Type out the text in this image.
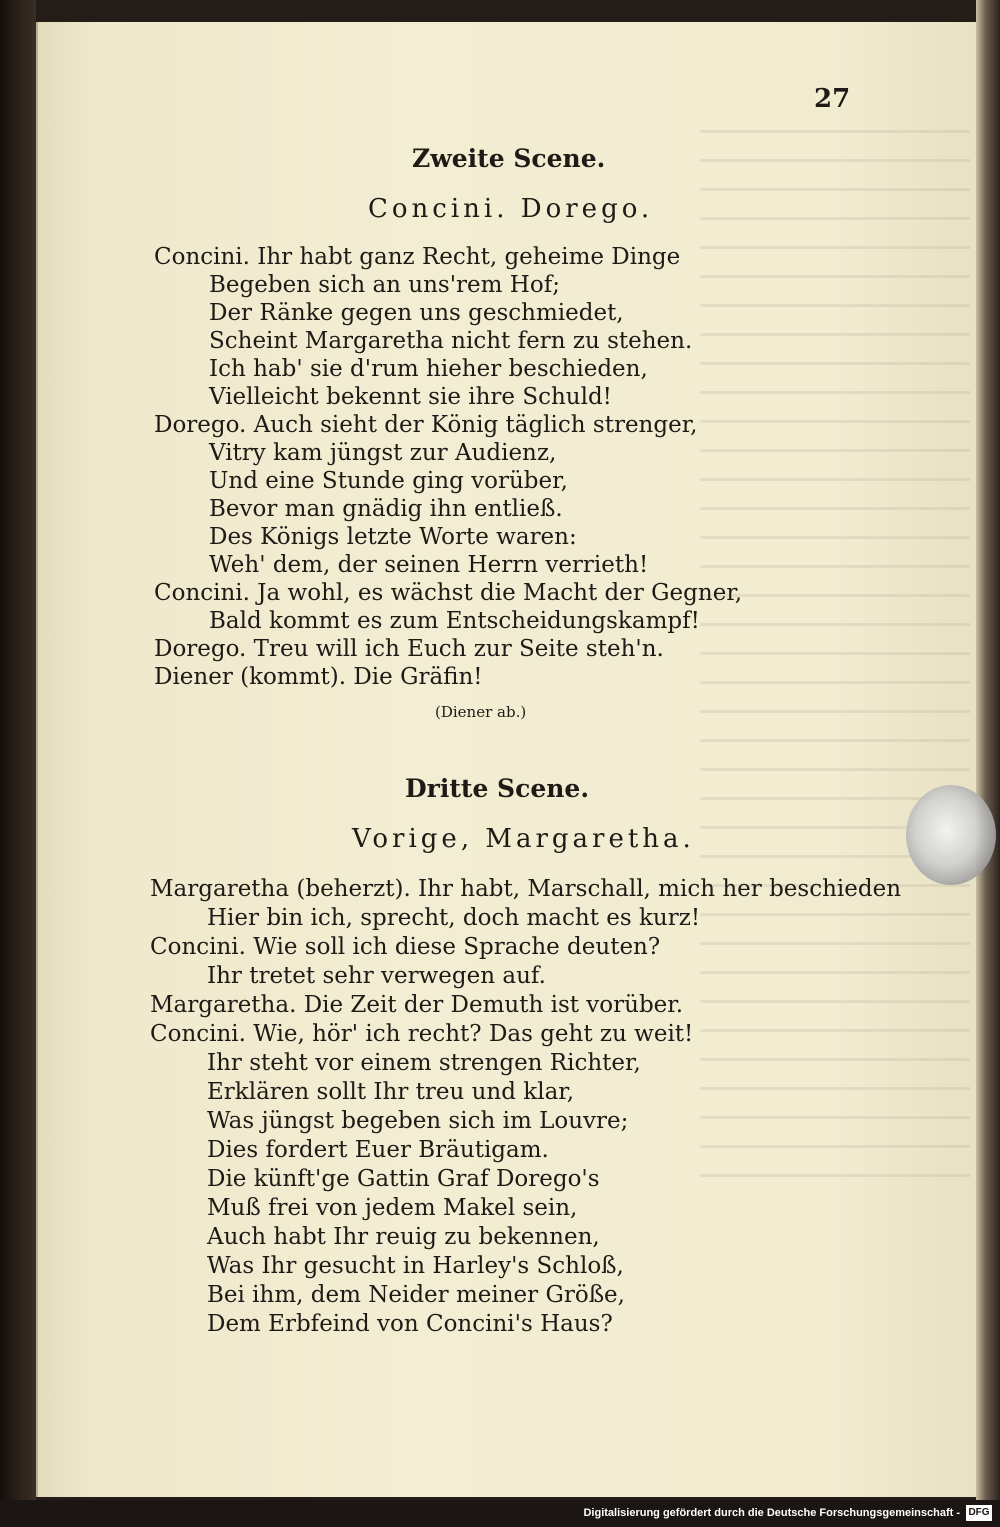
27
Zweite Scene.
Concini. Dorego.
Concini. Ihr habt ganz Recht, geheime Dinge
Begeben sich an uns'rem Hof;
Der Ränke gegen uns geschmiedet,
Scheint Margaretha nicht fern zu stehen.
Ich hab' sie d'rum hieher beschieden,
Vielleicht bekennt sie ihre Schuld!
Dorego. Auch sieht der König täglich strenger,
Vitry kam jüngst zur Audienz,
Und eine Stunde ging vorüber,
Bevor man gnädig ihn entließ.
Des Königs letzte Worte waren:
Weh' dem, der seinen Herrn verrieth!
Concini. Ja wohl, es wächst die Macht der Gegner,
Bald kommt es zum Entscheidungskampf!
Dorego. Treu will ich Euch zur Seite steh'n.
Diener (kommt). Die Gräfin!
(Diener ab.)
Dritte Scene.
Vorige, Margaretha.
Margaretha (beherzt). Ihr habt, Marschall, mich her beschieden
Hier bin ich, sprecht, doch macht es kurz!
Concini. Wie soll ich diese Sprache deuten?
Ihr tretet sehr verwegen auf.
Margaretha. Die Zeit der Demuth ist vorüber.
Concini. Wie, hör' ich recht? Das geht zu weit!
Ihr steht vor einem strengen Richter,
Erklären sollt Ihr treu und klar,
Was jüngst begeben sich im Louvre;
Dies fordert Euer Bräutigam.
Die künft'ge Gattin Graf Dorego's
Muß frei von jedem Makel sein,
Auch habt Ihr reuig zu bekennen,
Was Ihr gesucht in Harley's Schloß,
Bei ihm, dem Neider meiner Größe,
Dem Erbfeind von Concini's Haus?
Digitalisierung gefördert durch die Deutsche Forschungsgemeinschaft - DFG
